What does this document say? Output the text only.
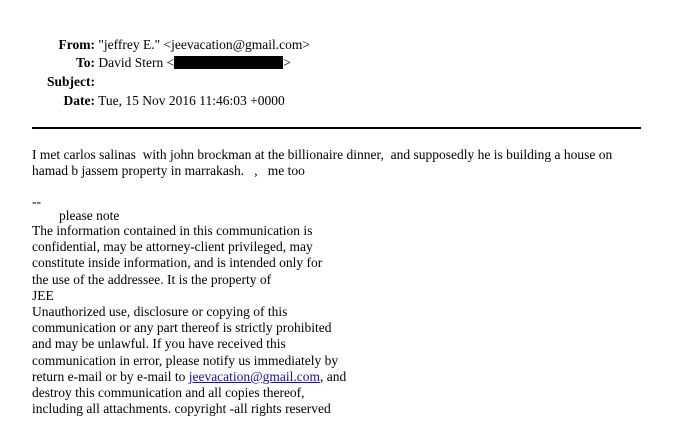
From: "jeffrey E." <jeevacation@gmail.com>
To: David Stern <	>
Subject:
Date: Tue, 15 Nov 2016 11:46:03 +0000
I met carlos salinas  with john brockman at the billionaire dinner,  and supposedly he is building a house on
hamad b jassem property in marrakash.   ,   me too
--
please note
The information contained in this communication is
confidential, may be attorney-client privileged, may
constitute inside information, and is intended only for
the use of the addressee. It is the property of
JEE
Unauthorized use, disclosure or copying of this
communication or any part thereof is strictly prohibited
and may be unlawful. If you have received this
communication in error, please notify us immediately by
return e-mail or by e-mail to jeevacation@gmail.com, and
destroy this communication and all copies thereof,
including all attachments. copyright -all rights reserved
